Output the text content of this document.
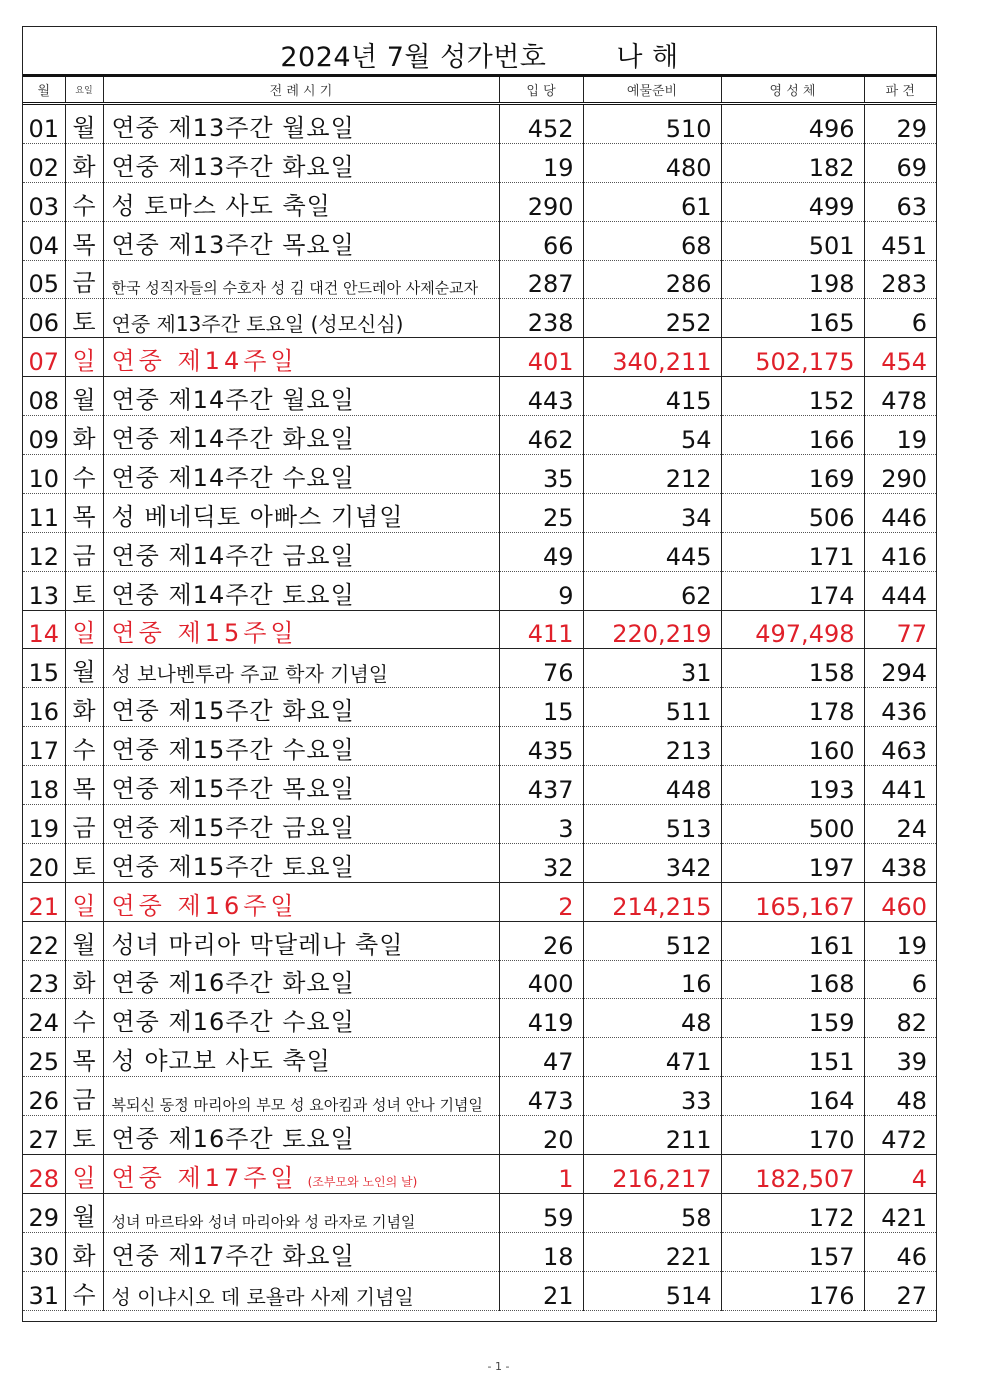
2024년 7월 성가번호	나 해
월	요일	전 례 시 기	입 당	예물준비	영 성 체	파 견
01	월	연중 제13주간 월요일	452	510	496	29
02	화	연중 제13주간 화요일	19	480	182	69
03	수	성 토마스 사도 축일	290	61	499	63
04	목	연중 제13주간 목요일	66	68	501	451
05	금	한국 성직자들의 수호자 성 김 대건 안드레아 사제순교자	287	286	198	283
06	토	연중 제13주간 토요일 (성모신심)	238	252	165	6
07	일	연중 제14주일	401	340,211	502,175	454
08	월	연중 제14주간 월요일	443	415	152	478
09	화	연중 제14주간 화요일	462	54	166	19
10	수	연중 제14주간 수요일	35	212	169	290
11	목	성 베네딕토 아빠스 기념일	25	34	506	446
12	금	연중 제14주간 금요일	49	445	171	416
13	토	연중 제14주간 토요일	9	62	174	444
14	일	연중 제15주일	411	220,219	497,498	77
15	월	성 보나벤투라 주교 학자 기념일	76	31	158	294
16	화	연중 제15주간 화요일	15	511	178	436
17	수	연중 제15주간 수요일	435	213	160	463
18	목	연중 제15주간 목요일	437	448	193	441
19	금	연중 제15주간 금요일	3	513	500	24
20	토	연중 제15주간 토요일	32	342	197	438
21	일	연중 제16주일	2	214,215	165,167	460
22	월	성녀 마리아 막달레나 축일	26	512	161	19
23	화	연중 제16주간 화요일	400	16	168	6
24	수	연중 제16주간 수요일	419	48	159	82
25	목	성 야고보 사도 축일	47	471	151	39
26	금	복되신 동정 마리아의 부모 성 요아킴과 성녀 안나 기념일	473	33	164	48
27	토	연중 제16주간 토요일	20	211	170	472
28	일	연중 제17주일 (조부모와 노인의 날)	1	216,217	182,507	4
29	월	성녀 마르타와 성녀 마리아와 성 라자로 기념일	59	58	172	421
30	화	연중 제17주간 화요일	18	221	157	46
31	수	성 이냐시오 데 로욜라 사제 기념일	21	514	176	27
- 1 -
